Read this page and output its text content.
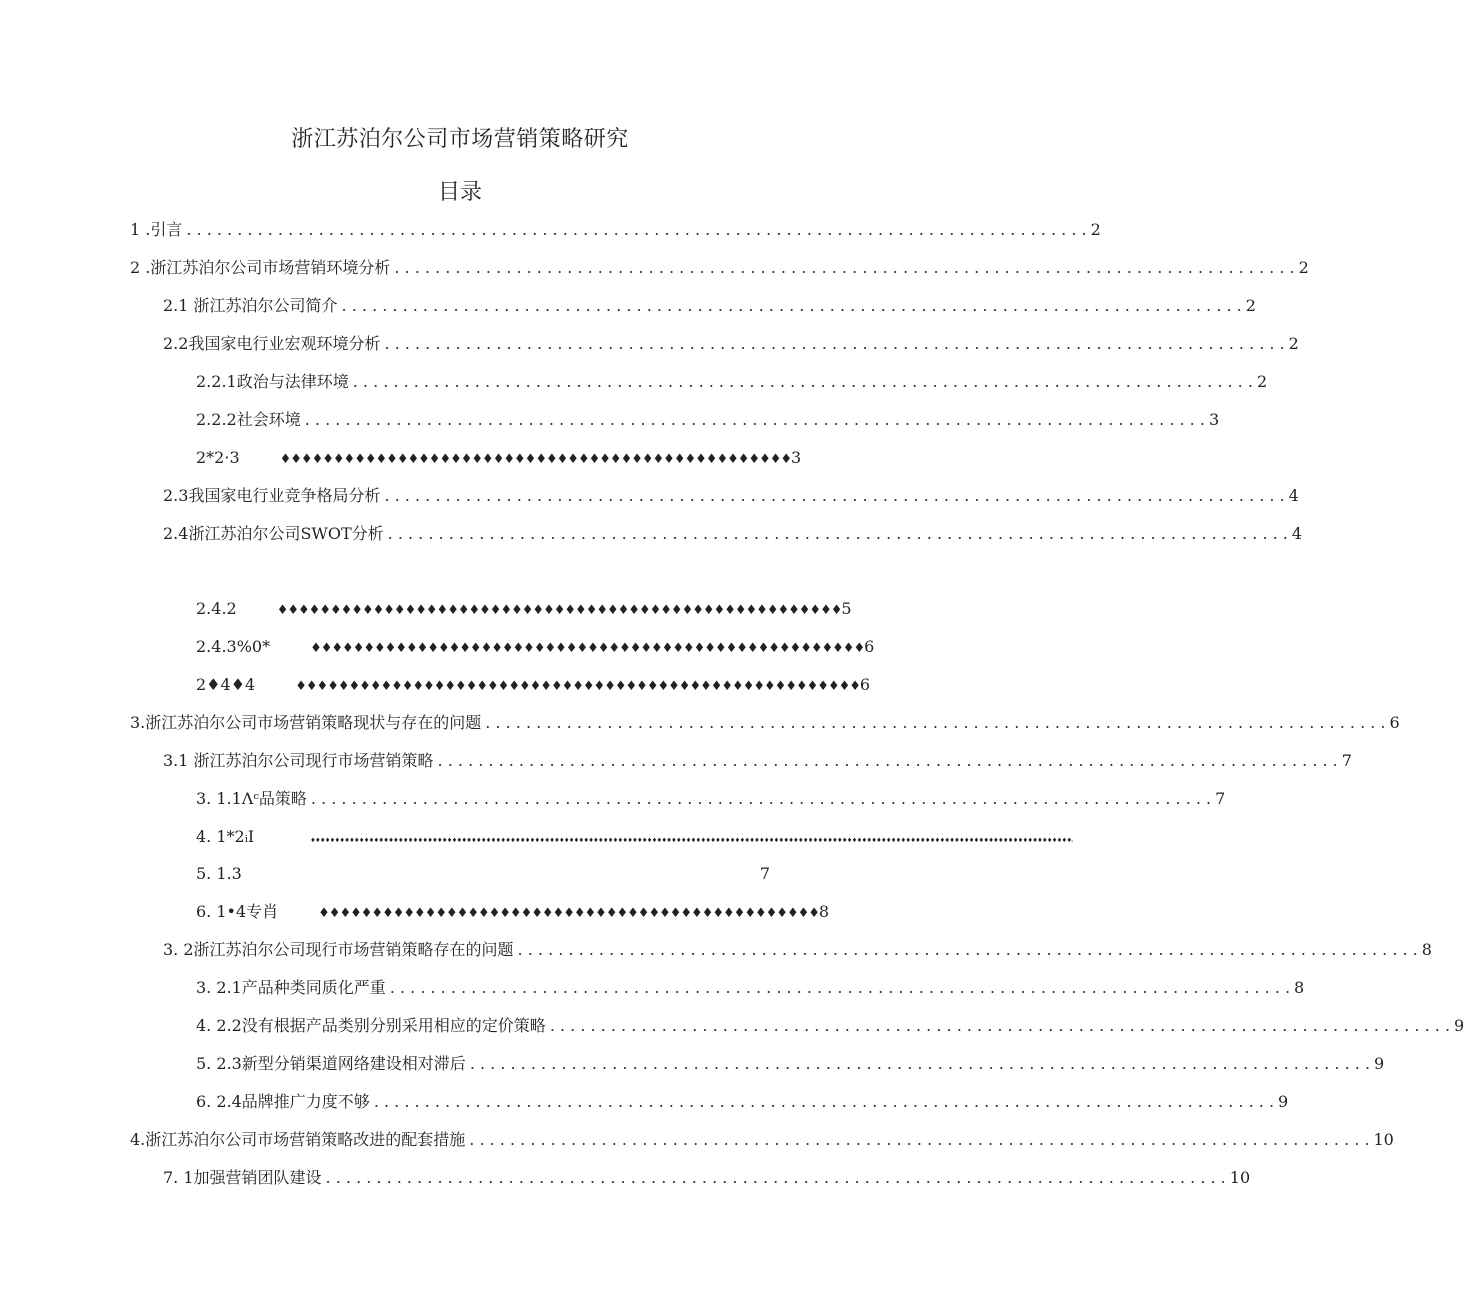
浙江苏泊尔公司市场营销策略研究
目录
1 .引言 . . .	2
2 .浙江苏泊尔公司市场营销环境分析 . . .	2
2.1 浙江苏泊尔公司简介 . . .	2
2.2我国家电行业宏观环境分析 . . .	2
2.2.1政治与法律环境 . . .	2
2.2.2社会环境 . . .	3
2*2·3	♦♦♦♦♦♦♦♦♦♦♦♦♦♦♦♦♦♦♦♦♦♦♦♦♦♦♦♦♦♦♦♦♦♦♦♦♦♦♦♦♦♦♦♦♦♦♦♦ 3
2.3我国家电行业竞争格局分析 . . .	4
2.4浙江苏泊尔公司SWOT分析 . . .	4
2.4.2	♦♦♦♦♦♦♦♦♦♦♦♦♦♦♦♦♦♦♦♦♦♦♦♦♦♦♦♦♦♦♦♦♦♦♦♦♦♦♦♦♦♦♦♦♦♦♦♦♦♦♦♦♦ 5
2.4.3%0*	♦♦♦♦♦♦♦♦♦♦♦♦♦♦♦♦♦♦♦♦♦♦♦♦♦♦♦♦♦♦♦♦♦♦♦♦♦♦♦♦♦♦♦♦♦♦♦♦♦♦♦♦ 6
2♦4♦4	♦♦♦♦♦♦♦♦♦♦♦♦♦♦♦♦♦♦♦♦♦♦♦♦♦♦♦♦♦♦♦♦♦♦♦♦♦♦♦♦♦♦♦♦♦♦♦♦♦♦♦♦♦ 6
3.浙江苏泊尔公司市场营销策略现状与存在的问题 . . .	6
3.1 浙江苏泊尔公司现行市场营销策略 . . .	7
3. 1.1Λᶜ品策略 . . .	7
4. 1*2ᵢI	♦♦♦♦♦♦♦♦♦♦♦♦♦♦♦♦♦♦♦♦♦♦♦♦♦♦♦♦♦♦♦♦♦♦♦♦♦♦♦♦♦♦♦♦♦♦♦♦♦♦♦♦♦♦♦♦♦♦♦♦♦♦♦♦♦♦♦♦♦♦♦♦♦♦♦♦♦♦♦♦♦♦♦♦♦♦♦♦♦♦♦♦♦♦♦♦♦♦♦♦♦♦♦♦♦♦♦♦♦♦♦♦♦♦♦♦♦♦♦♦♦♦♦♦♦♦♦♦♦♦♦♦♦♦♦♦♦♦♦♦♦♦♦♦♦♦♦♦♦♦♦♦♦♦♦♦ₜ
5. 1.3	7
6. 1•4专肖	♦♦♦♦♦♦♦♦♦♦♦♦♦♦♦♦♦♦♦♦♦♦♦♦♦♦♦♦♦♦♦♦♦♦♦♦♦♦♦♦♦♦♦♦♦♦♦ 8
3. 2浙江苏泊尔公司现行市场营销策略存在的问题 . . .	8
3. 2.1产品种类同质化严重 . . .	8
4. 2.2没有根据产品类别分别采用相应的定价策略 . . .	9
5. 2.3新型分销渠道网络建设相对滞后 . . .	9
6. 2.4品牌推广力度不够 . . .	9
4.浙江苏泊尔公司市场营销策略改进的配套措施 . . .	10
7. 1加强营销团队建设 . . .	10
